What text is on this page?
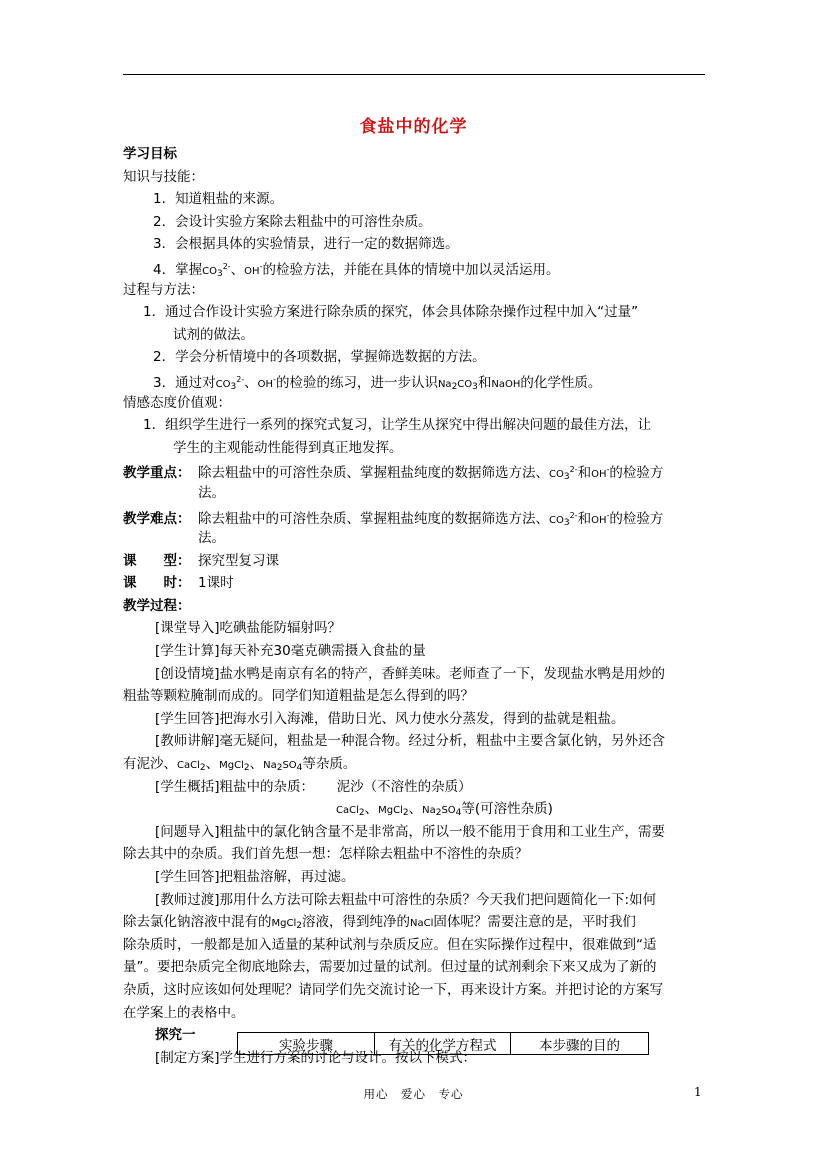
食盐中的化学
学习目标
知识与技能：
1．知道粗盐的来源。
2．会设计实验方案除去粗盐中的可溶性杂质。
3．会根据具体的实验情景，进行一定的数据筛选。
4．掌握$CO_3^{2-}$、OH-的检验方法，并能在具体的情境中加以灵活运用。
过程与方法：
1．通过合作设计实验方案进行除杂质的探究，体会具体除杂操作过程中加入“过量”
试剂的做法。
2．学会分析情境中的各项数据，掌握筛选数据的方法。
3．通过对$CO_3^{2-}$、OH-的检验的练习，进一步认识$Na_2CO_3$和NaOH的化学性质。
情感态度价值观：
1．组织学生进行一系列的探究式复习，让学生从探究中得出解决问题的最佳方法，让
学生的主观能动性能得到真正地发挥。
教学重点： 除去粗盐中的可溶性杂质、掌握粗盐纯度的数据筛选方法、$CO_3^{2-}$和OH-的检验方
法。
教学难点： 除去粗盐中的可溶性杂质、掌握粗盐纯度的数据筛选方法、$CO_3^{2-}$和OH-的检验方
法。
课　　型： 探究型复习课
课　　时： 1课时
教学过程：
[课堂导入]吃碘盐能防辐射吗？
[学生计算]每天补充30毫克碘需摄入食盐的量
[创设情境]盐水鸭是南京有名的特产，香鲜美味。老师查了一下，发现盐水鸭是用炒的
粗盐等颗粒腌制而成的。同学们知道粗盐是怎么得到的吗？
[学生回答]把海水引入海滩，借助日光、风力使水分蒸发，得到的盐就是粗盐。
[教师讲解]毫无疑问，粗盐是一种混合物。经过分析，粗盐中主要含氯化钠，另外还含
有泥沙、CaCl$_2$、MgCl$_2$、$Na_2SO_4$等杂质。
[学生概括]粗盐中的杂质： 泥沙（不溶性的杂质）
CaCl$_2$、MgCl$_2$、$Na_2SO_4$等(可溶性杂质)
[问题导入]粗盐中的氯化钠含量不是非常高，所以一般不能用于食用和工业生产，需要
除去其中的杂质。我们首先想一想：怎样除去粗盐中不溶性的杂质？
[学生回答]把粗盐溶解，再过滤。
[教师过渡]那用什么方法可除去粗盐中可溶性的杂质？今天我们把问题简化一下:如何
除去氯化钠溶液中混有的MgCl$_2$溶液，得到纯净的NaCl固体呢？需要注意的是，平时我们
除杂质时，一般都是加入适量的某种试剂与杂质反应。但在实际操作过程中，很难做到“适
量”。要把杂质完全彻底地除去，需要加过量的试剂。但过量的试剂剩余下来又成为了新的
杂质，这时应该如何处理呢？请同学们先交流讨论一下，再来设计方案。并把讨论的方案写
在学案上的表格中。
探究一
[制定方案]学生进行方案的讨论与设计。按以下模式：
实验步骤	有关的化学方程式	本步骤的目的
用心　爱心　专心	1
